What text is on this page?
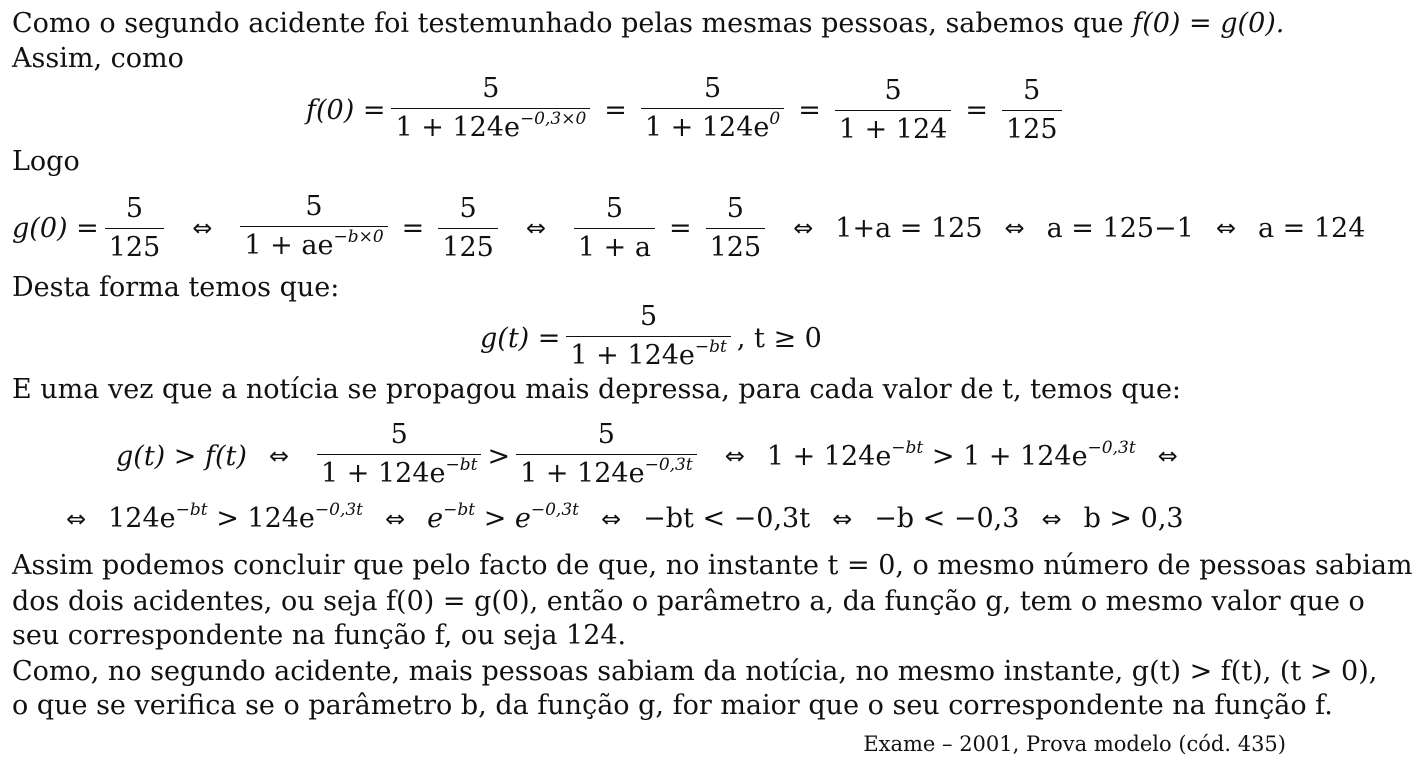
Como o segundo acidente foi testemunhado pelas mesmas pessoas, sabemos que f(0) = g(0).
Assim, como
$f(0) = \frac{5}{1 + 124e^{-0,3\times 0}} = \frac{5}{1 + 124e^0} = \frac{5}{1 + 124} = \frac{5}{125}$
Logo
$g(0) = \frac{5}{125}$ ⇔ $\frac{5}{1 + ae^{-b\times 0}} = \frac{5}{125}$ ⇔ $\frac{5}{1 + a} = \frac{5}{125}$ ⇔ 1+a = 125 ⇔ a = 125−1 ⇔ a = 124
Desta forma temos que:
$g(t) = \frac{5}{1 + 124e^{-bt}}$ , t ≥ 0
E uma vez que a notícia se propagou mais depressa, para cada valor de t, temos que:
g(t) > f(t) ⇔ $\frac{5}{1 + 124e^{-bt}} > \frac{5}{1 + 124e^{-0,3t}}$ ⇔ $1 + 124e^{-bt} > 1 + 124e^{-0,3t}$ ⇔
⇔ $124e^{-bt} > 124e^{-0,3t}$ ⇔ $e^{-bt} > e^{-0,3t}$ ⇔ −bt < −0,3t ⇔ −b < −0,3 ⇔ b > 0,3
Assim podemos concluir que pelo facto de que, no instante t = 0, o mesmo número de pessoas sabiam
dos dois acidentes, ou seja f(0) = g(0), então o parâmetro a, da função g, tem o mesmo valor que o
seu correspondente na função f, ou seja 124.
Como, no segundo acidente, mais pessoas sabiam da notícia, no mesmo instante, g(t) > f(t), (t > 0),
o que se verifica se o parâmetro b, da função g, for maior que o seu correspondente na função f.
Exame – 2001, Prova modelo (cód. 435)
